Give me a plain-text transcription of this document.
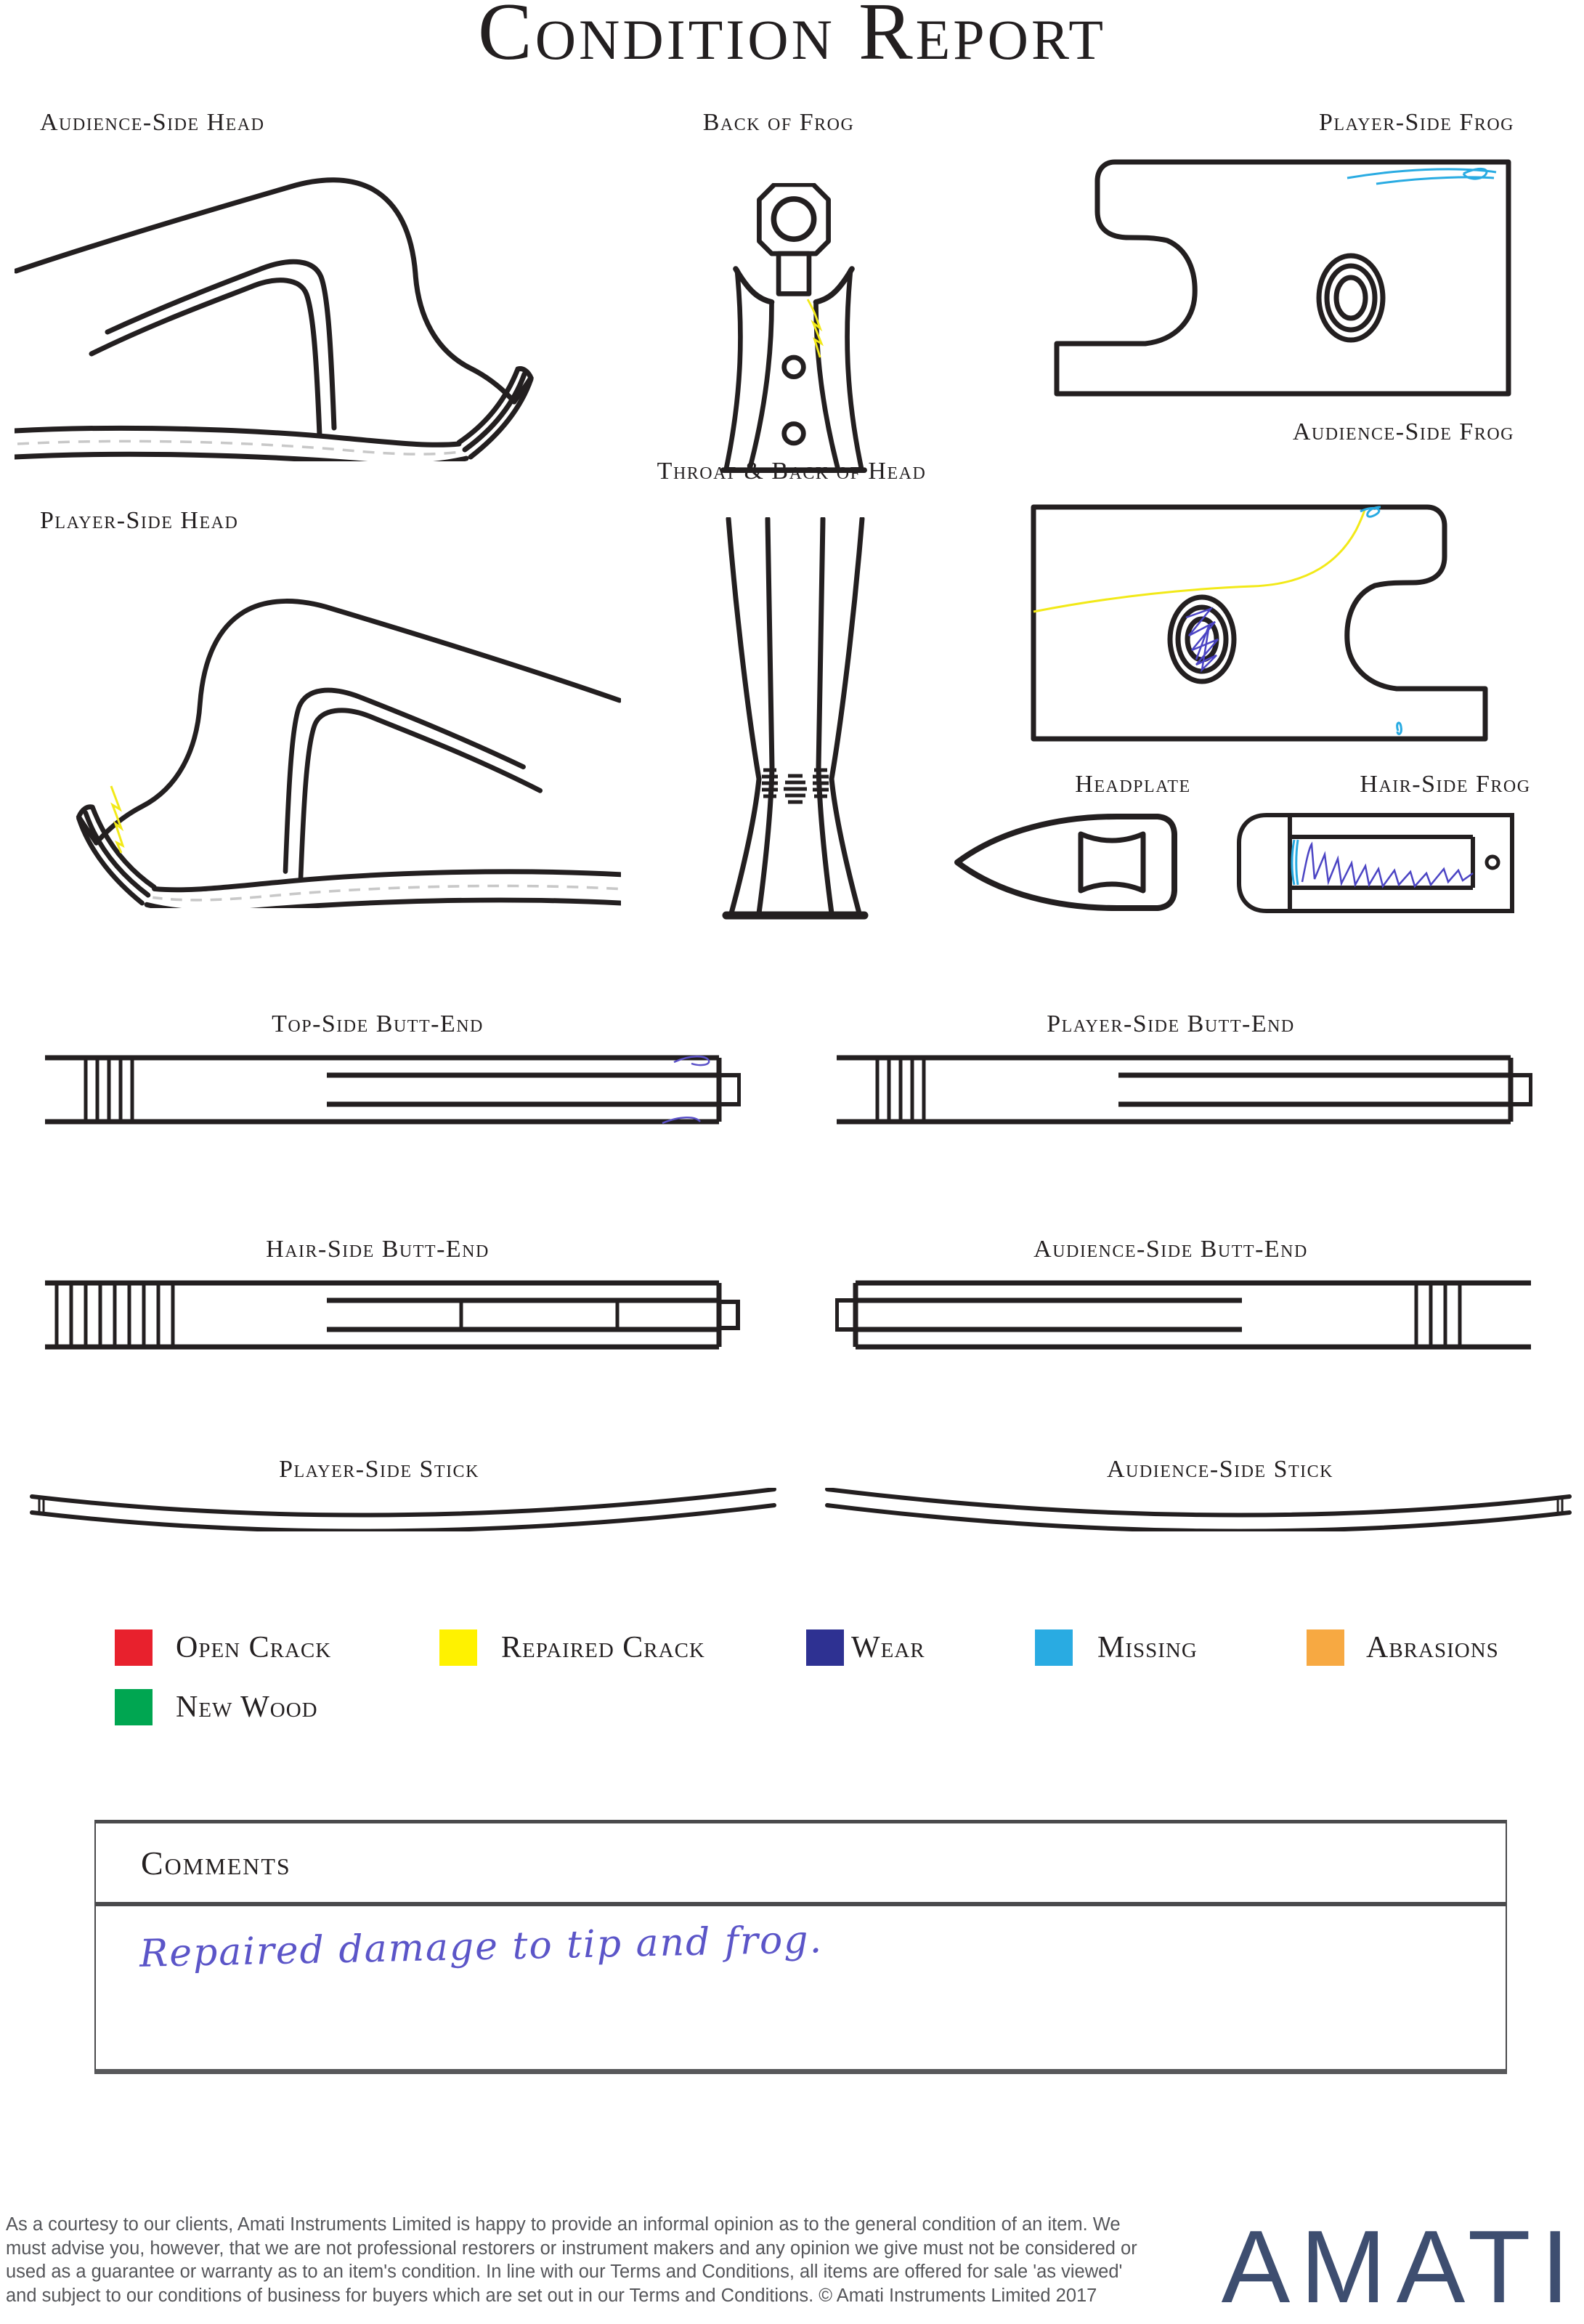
Condition Report
Audience-Side Head	Back of Frog	Player-Side Frog
Audience-Side Frog
Player-Side Head
Throat & Back of Head
Headplate	Hair-Side Frog
Top-Side Butt-End	Player-Side Butt-End
Hair-Side Butt-End	Audience-Side Butt-End
Player-Side Stick	Audience-Side Stick
Open Crack	Repaired Crack	Wear	Missing	Abrasions
New Wood
Comments
Repaired damage to tip and frog.
As a courtesy to our clients, Amati Instruments Limited is happy to provide an informal opinion as to the general condition of an item. We must advise you, however, that we are not professional restorers or instrument makers and any opinion we give must not be considered or used as a guarantee or warranty as to an item's condition. In line with our Terms and Conditions, all items are offered for sale 'as viewed' and subject to our conditions of business for buyers which are set out in our Terms and Conditions. © Amati Instruments Limited 2017	AMATI
